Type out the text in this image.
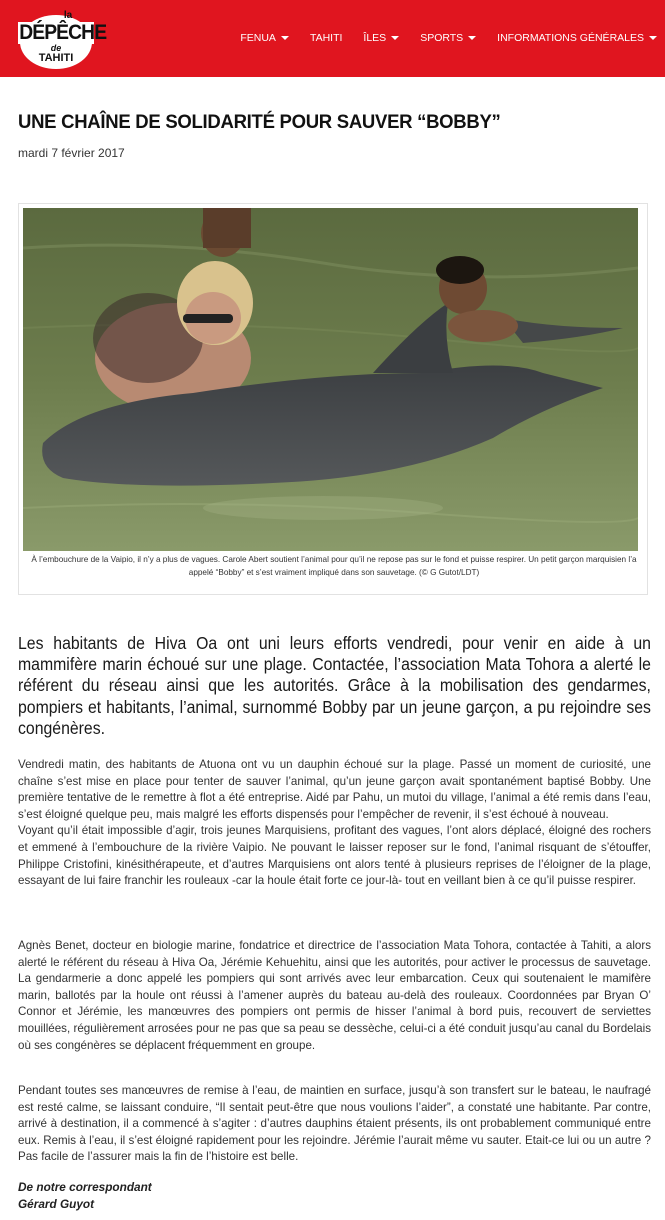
la
DÉPÊCHE
de
TAHITI
FENUA	TAHITI ÎLES	SPORTS	INFORMATIONS GÉNÉRALES
UNE CHAÎNE DE SOLIDARITÉ POUR SAUVER “BOBBY”
mardi 7 février 2017
À l’embouchure de la Vaipio, il n’y a plus de vagues. Carole Abert soutient l’animal pour qu’il ne repose pas sur le fond et puisse respirer. Un petit garçon marquisien l’a appelé “Bobby” et s’est vraiment impliqué dans son sauvetage. (© G Gutot/LDT)

Les habitants de Hiva Oa ont uni leurs efforts vendredi, pour venir en aide à un mammifère marin échoué sur une plage. Contactée, l’association Mata Tohora a alerté le référent du réseau ainsi que les autorités. Grâce à la mobilisation des gendarmes, pompiers et habitants, l’animal, surnommé Bobby par un jeune garçon, a pu rejoindre ses congénères.

Vendredi matin, des habitants de Atuona ont vu un dauphin échoué sur la plage. Passé un moment de curiosité, une chaîne s’est mise en place pour tenter de sauver l’animal, qu’un jeune garçon avait spontanément baptisé Bobby. Une première tentative de le remettre à flot a été entreprise. Aidé par Pahu, un mutoi du village, l’animal a été remis dans l’eau, s’est éloigné quelque peu, mais malgré les efforts dispensés pour l’empêcher de revenir, il s’est échoué à nouveau.
Voyant qu’il était impossible d’agir, trois jeunes Marquisiens, profitant des vagues, l’ont alors déplacé, éloigné des rochers et emmené à l’embouchure de la rivière Vaipio. Ne pouvant le laisser reposer sur le fond, l’animal risquant de s’étouffer, Philippe Cristofini, kinésithérapeute, et d’autres Marquisiens ont alors tenté à plusieurs reprises de l’éloigner de la plage, essayant de lui faire franchir les rouleaux -car la houle était forte ce jour-là- tout en veillant bien à ce qu’il puisse respirer.

Agnès Benet, docteur en biologie marine, fondatrice et directrice de l’association Mata Tohora, contactée à Tahiti, a alors alerté le référent du réseau à Hiva Oa, Jérémie Kehuehitu, ainsi que les autorités, pour activer le processus de sauvetage. La gendarmerie a donc appelé les pompiers qui sont arrivés avec leur embarcation. Ceux qui soutenaient le mamifère marin, ballotés par la houle ont réussi à l’amener auprès du bateau au-delà des rouleaux. Coordonnées par Bryan O’ Connor et Jérémie, les manœuvres des pompiers ont permis de hisser l’animal à bord puis, recouvert de serviettes mouillées, régulièrement arrosées pour ne pas que sa peau se dessèche, celui-ci a été conduit jusqu’au canal du Bordelais où ses congénères se déplacent fréquemment en groupe.

Pendant toutes ses manœuvres de remise à l’eau, de maintien en surface, jusqu’à son transfert sur le bateau, le naufragé est resté calme, se laissant conduire, “Il sentait peut-être que nous voulions l’aider”, a constaté une habitante. Par contre, arrivé à destination, il a commencé à s’agiter : d’autres dauphins étaient présents, ils ont probablement communiqué entre eux. Remis à l’eau, il s’est éloigné rapidement pour les rejoindre. Jérémie l’aurait même vu sauter. Etait-ce lui ou un autre ? Pas facile de l’assurer mais la fin de l’histoire est belle.

De notre correspondant
Gérard Guyot
